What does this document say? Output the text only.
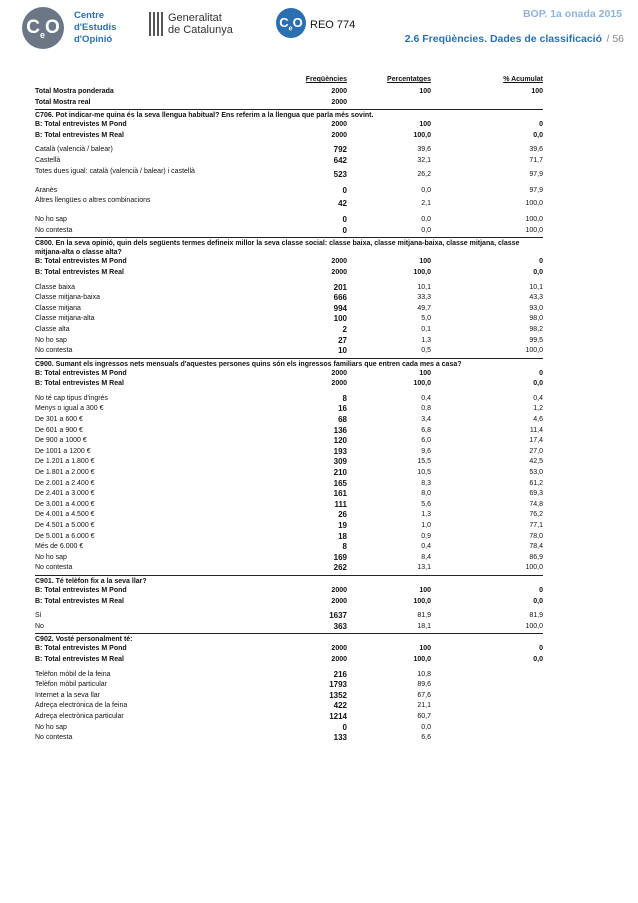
$C_eO$
Centre
d'Estudis
d'Opinió
Generalitat
de Catalunya	$C_eO$ REO 774
BOP. 1a onada 2015
2.6 Freqüències. Dades de classificació / 56
Freqüències	Percentatges	% Acumulat
Total Mostra ponderada	2000	100	100
Total Mostra real	2000
C706. Pot indicar-me quina és la seva llengua habitual? Ens referim a la llengua que parla més sovint.
B: Total entrevistes M Pond	2000	100	0
B: Total entrevistes M Real	2000	100,0	0,0
Català (valencià / balear)	792	39,6	39,6
Castellà	642	32,1	71,7
Totes dues igual: català (valencià / balear) i castellà	523	26,2	97,9
Aranès	0	0,0	97,9
Altres llengües o altres combinacions	42	2,1	100,0
No ho sap	0	0,0	100,0
No contesta	0	0,0	100,0
C800. En la seva opinió, quin dels següents termes defineix millor la seva classe social: classe baixa, classe mitjana-baixa, classe mitjana, classe mitjana-alta o classe alta?
B: Total entrevistes M Pond	2000	100	0
B: Total entrevistes M Real	2000	100,0	0,0
Classe baixa	201	10,1	10,1
Classe mitjana-baixa	666	33,3	43,3
Classe mitjana	994	49,7	93,0
Classe mitjana-alta	100	5,0	98,0
Classe alta	2	0,1	98,2
No ho sap	27	1,3	99,5
No contesta	10	0,5	100,0
C900. Sumant els ingressos nets mensuals d'aquestes persones quins són els ingressos familiars que entren cada mes a casa?
B: Total entrevistes M Pond	2000	100	0
B: Total entrevistes M Real	2000	100,0	0,0
No té cap tipus d'ingrés	8	0,4	0,4
Menys o igual a 300 €	16	0,8	1,2
De 301 a 600 €	68	3,4	4,6
De 601 a 900 €	136	6,8	11,4
De 900 a 1000 €	120	6,0	17,4
De 1001 a 1200 €	193	9,6	27,0
De 1.201 a 1.800 €	309	15,5	42,5
De 1.801 a 2.000 €	210	10,5	53,0
De 2.001 a 2.400 €	165	8,3	61,2
De 2.401 a 3.000 €	161	8,0	69,3
De 3.001 a 4.000 €	111	5,6	74,8
De 4.001 a 4.500 €	26	1,3	76,2
De 4.501 a 5.000 €	19	1,0	77,1
De 5.001 a 6.000 €	18	0,9	78,0
Més de 6.000 €	8	0,4	78,4
No ho sap	169	8,4	86,9
No contesta	262	13,1	100,0
C901. Té telèfon fix a la seva llar?
B: Total entrevistes M Pond	2000	100	0
B: Total entrevistes M Real	2000	100,0	0,0
Sí	1637	81,9	81,9
No	363	18,1	100,0
C902. Vosté personalment té:
B: Total entrevistes M Pond	2000	100	0
B: Total entrevistes M Real	2000	100,0	0,0
Telèfon mòbil de la feina	216	10,8
Telèfon mòbil particular	1793	89,6
Internet a la seva llar	1352	67,6
Adreça electrònica de la feina	422	21,1
Adreça electrònica particular	1214	60,7
No ho sap	0	0,0
No contesta	133	6,6
